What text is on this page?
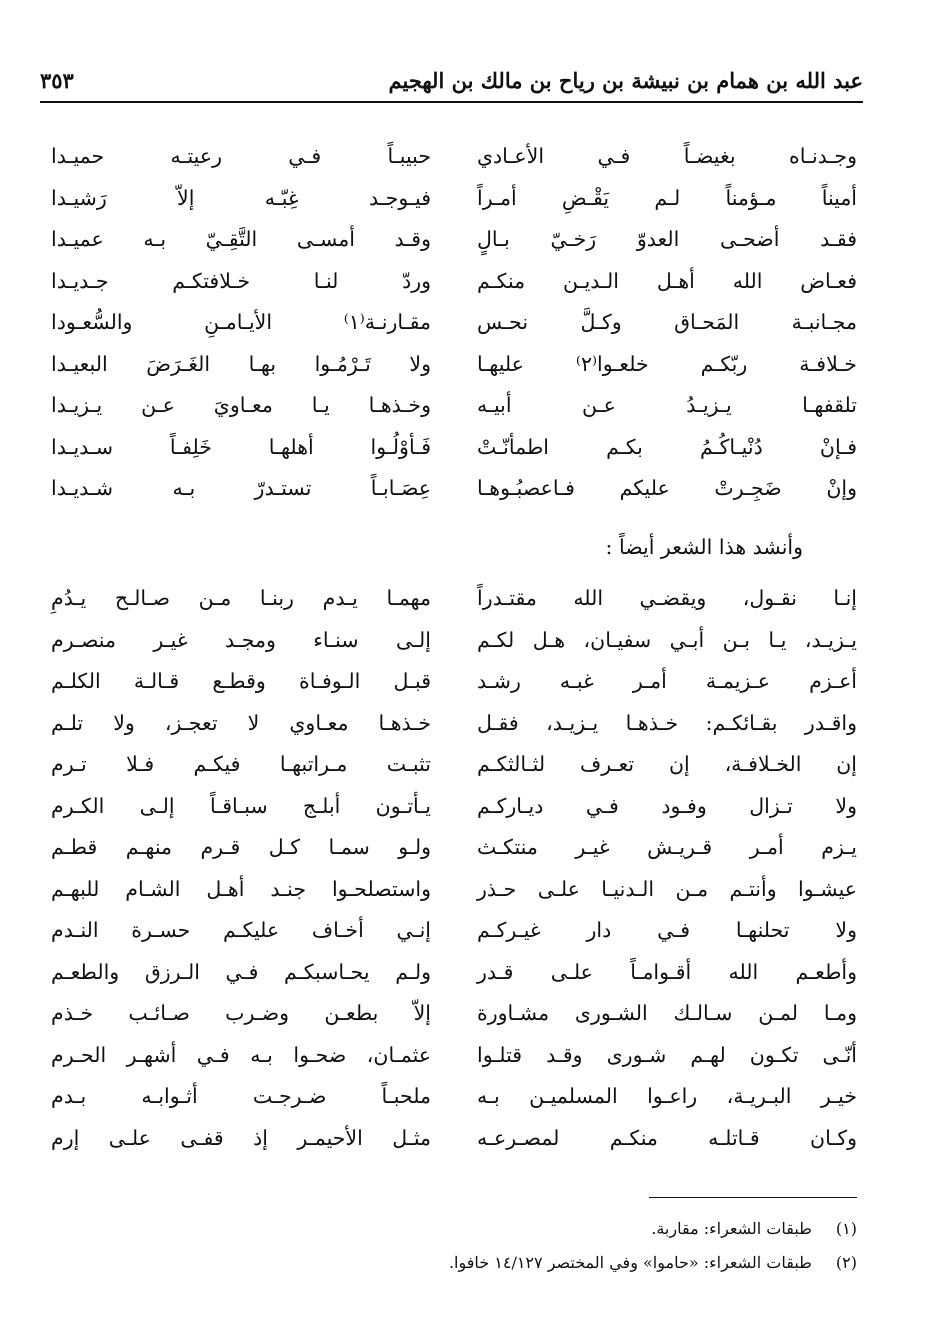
عبد الله بن همام بن نبيشة بن رياح بن مالك بن الهجيم
٣٥٣
وجـدنـاه بغيضـاً فـي الأعـادي
أميناً مـؤمناً لـم يَقْـضِ أمـراً
فقـد أضحـى العدوّ رَخـيّ بـالٍ
فعـاض الله أهـل الـديـن منكـم
مجـانبـة المَحـاق وكـلَّ نحـس
خـلافـة ربّكـم خلعـوا⁽٢⁾ عليهـا
تلقفهـا يـزيـدُ عـن أبيـه
فـإنْ دُنْيـاكُـمُ بكـم اطمأنّـتْ
وإنْ ضَجِـرتْ عليكم فـاعصبُـوهـا
حبيبـاً فـي رعيتـه حميـدا
فيـوجـد غِبّـه إلاّ رَشيـدا
وقـد أمسـى التَّقِـيّ بـه عميـدا
وردّ لنـا خـلافتكـم جـديـدا
مقـارنـة⁽١⁾ الأيـامـنِ والسُّعـودا
ولا تَـرْمُـوا بهـا الغَـرَضَ البعيـدا
وخـذهـا يـا معـاويَ عـن يـزيـدا
فَـأوْلُـوا أهلهـا خَلِفـاً سـديـدا
عِصَـابـاً تستـدرّ بـه شـديـدا
وأنشد هذا الشعر أيضاً :
إنـا نقـول، ويقضـي الله مقتـدراً
يـزيـد، يـا بـن أبـي سفيـان، هـل لكـم
أعـزم عـزيمـة أمـر غبـه رشـد
واقـدر بقـائكـم: خـذهـا يـزيـد، فقـل
إن الخـلافـة، إن تعـرف لثـالثكـم
ولا تـزال وفـود فـي ديـاركـم
يـزم أمـر قـريـش غيـر منتكـث
عيشـوا وأنتـم مـن الـدنيـا علـى حـذر
ولا تحلنهـا فـي دار غيـركـم
وأطعـم الله أقـوامـاً علـى قـدر
ومـا لمـن سـالـك الشـورى مشـاورة
أنّـى تكـون لهـم شـورى وقـد قتلـوا
خيـر البـريـة، راعـوا المسلميـن بـه
وكـان قـاتلـه منكـم لمصـرعـه
مهمـا يـدم ربنـا مـن صـالـح يـدُمِ
إلـى سنـاء ومجـد غيـر منصـرم
قبـل الـوفـاة وقطـع قـالـة الكلـم
خـذهـا معـاوي لا تعجـز، ولا تلـم
تثبـت مـراتبهـا فيكـم فـلا تـرم
يـأتـون أبلـج سبـاقـاً إلـى الكـرم
ولـو سمـا كـل قـرم منهـم قطـم
واستصلحـوا جنـد أهـل الشـام للبهـم
إنـي أخـاف عليكـم حسـرة النـدم
ولـم يحـاسبكـم فـي الـرزق والطعـم
إلاّ بطعـن وضـرب صـائـب خـذم
عثمـان، ضحـوا بـه فـي أشهـر الحـرم
ملحبـاً ضـرجـت أثـوابـه بـدم
مثـل الأحيمـر إذ قفـى علـى إرم
(١) طبقات الشعراء: مقاربة.
(٢) طبقات الشعراء: «حاموا» وفي المختصر ١٤/١٢٧ خافوا.
